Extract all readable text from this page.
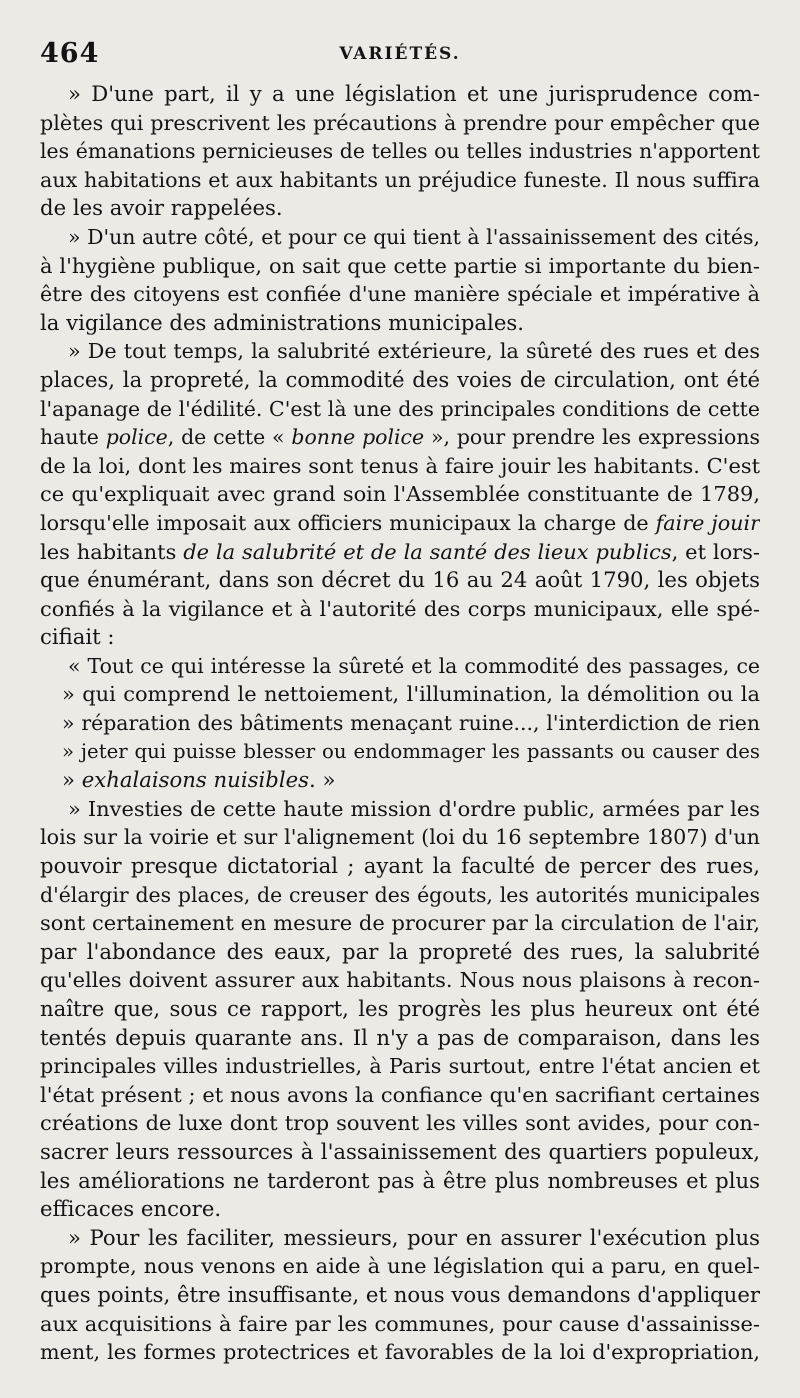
464	VARIÉTÉS.
» D'une part, il y a une législation et une jurisprudence com-
plètes qui prescrivent les précautions à prendre pour empêcher que
les émanations pernicieuses de telles ou telles industries n'apportent
aux habitations et aux habitants un préjudice funeste. Il nous suffira
de les avoir rappelées.
» D'un autre côté, et pour ce qui tient à l'assainissement des cités,
à l'hygiène publique, on sait que cette partie si importante du bien-
être des citoyens est confiée d'une manière spéciale et impérative à
la vigilance des administrations municipales.
» De tout temps, la salubrité extérieure, la sûreté des rues et des
places, la propreté, la commodité des voies de circulation, ont été
l'apanage de l'édilité. C'est là une des principales conditions de cette
haute police, de cette « bonne police », pour prendre les expressions
de la loi, dont les maires sont tenus à faire jouir les habitants. C'est
ce qu'expliquait avec grand soin l'Assemblée constituante de 1789,
lorsqu'elle imposait aux officiers municipaux la charge de faire jouir
les habitants de la salubrité et de la santé des lieux publics, et lors-
que énumérant, dans son décret du 16 au 24 août 1790, les objets
confiés à la vigilance et à l'autorité des corps municipaux, elle spé-
cifiait :
« Tout ce qui intéresse la sûreté et la commodité des passages, ce
» qui comprend le nettoiement, l'illumination, la démolition ou la
» réparation des bâtiments menaçant ruine..., l'interdiction de rien
» jeter qui puisse blesser ou endommager les passants ou causer des
» exhalaisons nuisibles. »
» Investies de cette haute mission d'ordre public, armées par les
lois sur la voirie et sur l'alignement (loi du 16 septembre 1807) d'un
pouvoir presque dictatorial ; ayant la faculté de percer des rues,
d'élargir des places, de creuser des égouts, les autorités municipales
sont certainement en mesure de procurer par la circulation de l'air,
par l'abondance des eaux, par la propreté des rues, la salubrité
qu'elles doivent assurer aux habitants. Nous nous plaisons à recon-
naître que, sous ce rapport, les progrès les plus heureux ont été
tentés depuis quarante ans. Il n'y a pas de comparaison, dans les
principales villes industrielles, à Paris surtout, entre l'état ancien et
l'état présent ; et nous avons la confiance qu'en sacrifiant certaines
créations de luxe dont trop souvent les villes sont avides, pour con-
sacrer leurs ressources à l'assainissement des quartiers populeux,
les améliorations ne tarderont pas à être plus nombreuses et plus
efficaces encore.
» Pour les faciliter, messieurs, pour en assurer l'exécution plus
prompte, nous venons en aide à une législation qui a paru, en quel-
ques points, être insuffisante, et nous vous demandons d'appliquer
aux acquisitions à faire par les communes, pour cause d'assainisse-
ment, les formes protectrices et favorables de la loi d'expropriation,
